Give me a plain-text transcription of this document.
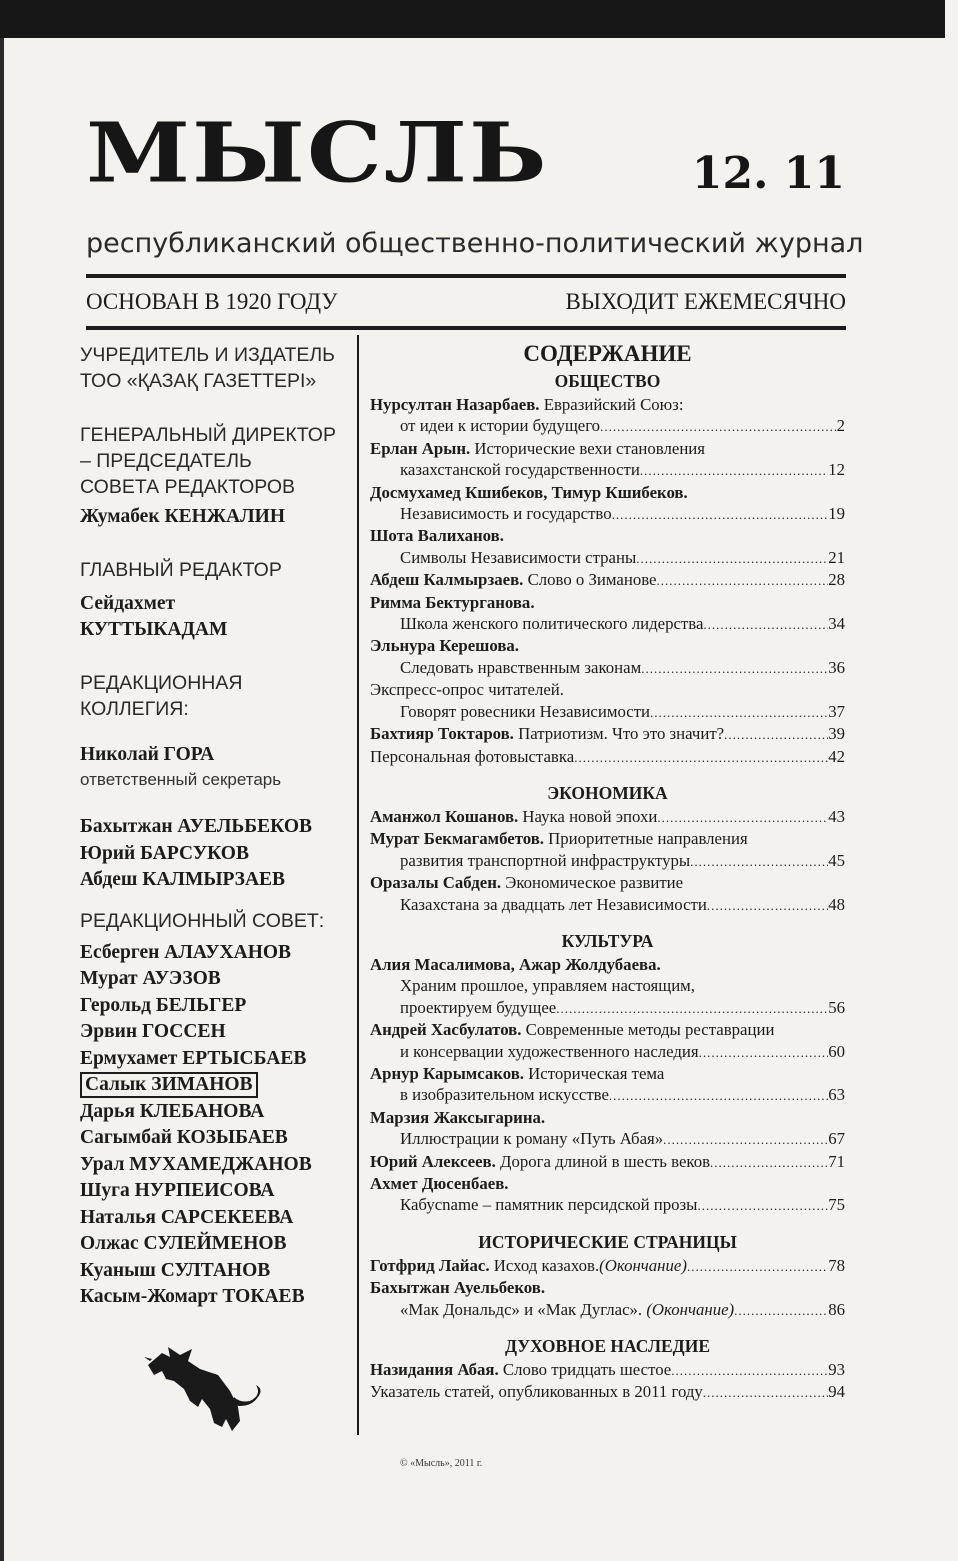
МЫСЛЬ	12. 11
республиканский общественно-политический журнал
ОСНОВАН В 1920 ГОДУ	ВЫХОДИТ ЕЖЕМЕСЯЧНО
УЧРЕДИТЕЛЬ И ИЗДАТЕЛЬ
ТОО «ҚАЗАҚ ГАЗЕТТЕРІ»
ГЕНЕРАЛЬНЫЙ ДИРЕКТОР
– ПРЕДСЕДАТЕЛЬ
СОВЕТА РЕДАКТОРОВ
Жумабек КЕНЖАЛИН
ГЛАВНЫЙ РЕДАКТОР
Сейдахмет
КУТТЫКАДАМ
РЕДАКЦИОННАЯ
КОЛЛЕГИЯ:
Николай ГОРА
ответственный секретарь
Бахытжан АУЕЛЬБЕКОВ
Юрий БАРСУКОВ
Абдеш КАЛМЫРЗАЕВ
РЕДАКЦИОННЫЙ СОВЕТ:
Есберген АЛАУХАНОВ
Мурат АУЭЗОВ
Герольд БЕЛЬГЕР
Эрвин ГОССЕН
Ермухамет ЕРТЫСБАЕВ
Салык ЗИМАНОВ
Дарья КЛЕБАНОВА
Сагымбай КОЗЫБАЕВ
Урал МУХАМЕДЖАНОВ
Шуга НУРПЕИСОВА
Наталья САРСЕКЕЕВА
Олжас СУЛЕЙМЕНОВ
Куаныш СУЛТАНОВ
Касым-Жомарт ТОКАЕВ
СОДЕРЖАНИЕ
ОБЩЕСТВО
Нурсултан Назарбаев. Евразийский Союз:
от идеи к истории будущего .....	2
Ерлан Арын. Исторические вехи становления
казахстанской государственности .....	12
Досмухамед Кшибеков, Тимур Кшибеков.
Независимость и государство .....	19
Шота Валиханов.
Символы Независимости страны .....	21
Абдеш Калмырзаев. Слово о Зиманове .....	28
Римма Бектурганова.
Школа женского политического лидерства .....	34
Эльнура Керешова.
Следовать нравственным законам .....	36
Экспресс-опрос читателей.
Говорят ровесники Независимости .....	37
Бахтияр Токтаров. Патриотизм. Что это значит? .....	39
Персональная фотовыставка .....	42
ЭКОНОМИКА
Аманжол Кошанов. Наука новой эпохи .....	43
Мурат Бекмагамбетов. Приоритетные направления
развития транспортной инфраструктуры .....	45
Оразалы Сабден. Экономическое развитие
Казахстана за двадцать лет Независимости .....	48
КУЛЬТУРА
Алия Масалимова, Ажар Жолдубаева.
Храним прошлое, управляем настоящим,
проектируем будущее .....	56
Андрей Хасбулатов. Современные методы реставрации
и консервации художественного наследия .....	60
Арнур Карымсаков. Историческая тема
в изобразительном искусстве .....	63
Марзия Жаксыгарина.
Иллюстрации к роману «Путь Абая» .....	67
Юрий Алексеев. Дорога длиной в шесть веков .....	71
Ахмет Дюсенбаев.
Кабусname – памятник персидской прозы .....	75
ИСТОРИЧЕСКИЕ СТРАНИЦЫ
Готфрид Лайас. Исход казахов.(Окончание) .....	78
Бахытжан Ауельбеков.
«Мак Дональдс» и «Мак Дуглас». (Окончание) .....	86
ДУХОВНОЕ НАСЛЕДИЕ
Назидания Абая. Слово тридцать шестое .....	93
Указатель статей, опубликованных в 2011 году .....	94
© «Мысль», 2011 г.
